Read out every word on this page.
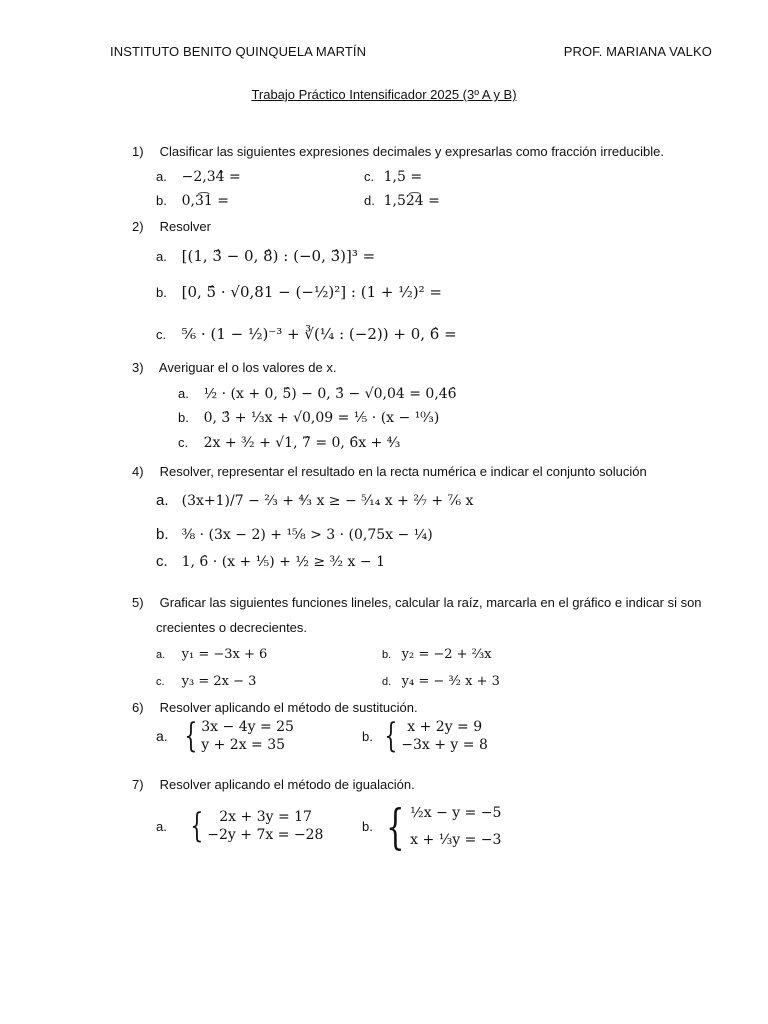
INSTITUTO BENITO QUINQUELA MARTÍN	PROF. MARIANA VALKO
Trabajo Práctico Intensificador 2025 (3º A y B)
1) Clasificar las siguientes expresiones decimales y expresarlas como fracción irreducible.
a. −2,34̂ =	c. 1,5 =
b. 0,3͡1 =	d. 1,52͡4 =
2) Resolver
a. [(1, 3̂ − 0, 8̂) : (−0, 3̂)]³ =
b. [0, 5̂ · √0,81 − (−½)²] : (1 + ½)² =
c. ⁵⁄₆ · (1 − ½)⁻³ + ∛(¼ : (−2)) + 0, 6̂ =
3) Averiguar el o los valores de x.
a. ½ · (x + 0, 5̂) − 0, 3̂ − √0,04 = 0,46̂
b. 0, 3̂ + ⅓x + √0,09 = ⅕ · (x − ¹⁰⁄₃)
c. 2x + ³⁄₂ + √1, 7̂ = 0, 6̂x + ⁴⁄₃
4) Resolver, representar el resultado en la recta numérica e indicar el conjunto solución
a. (3x+1)/7 − ⅔ + ⁴⁄₃ x ≥ − ⁵⁄₁₄ x + ²⁄₇ + ⁷⁄₆ x
b. ⅜ · (3x − 2) + ¹⁵⁄₈ > 3 · (0,75x − ¼)
c. 1, 6̂ · (x + ⅕) + ½ ≥ ³⁄₂ x − 1
5) Graficar las siguientes funciones lineles, calcular la raíz, marcarla en el gráfico e indicar si son
crecientes o decrecientes.
a. y₁ = −3x + 6	b. y₂ = −2 + ⅔x
c. y₃ = 2x − 3	d. y₄ = − ³⁄₂ x + 3
6) Resolver aplicando el método de sustitución.
a. { 3x − 4y = 25
y + 2x = 35
b. { x + 2y = 9
−3x + y = 8
7) Resolver aplicando el método de igualación.
a. {	2x + 3y = 17
−2y + 7x = −28
b. { ½x − y = −5
x + ⅓y = −3
